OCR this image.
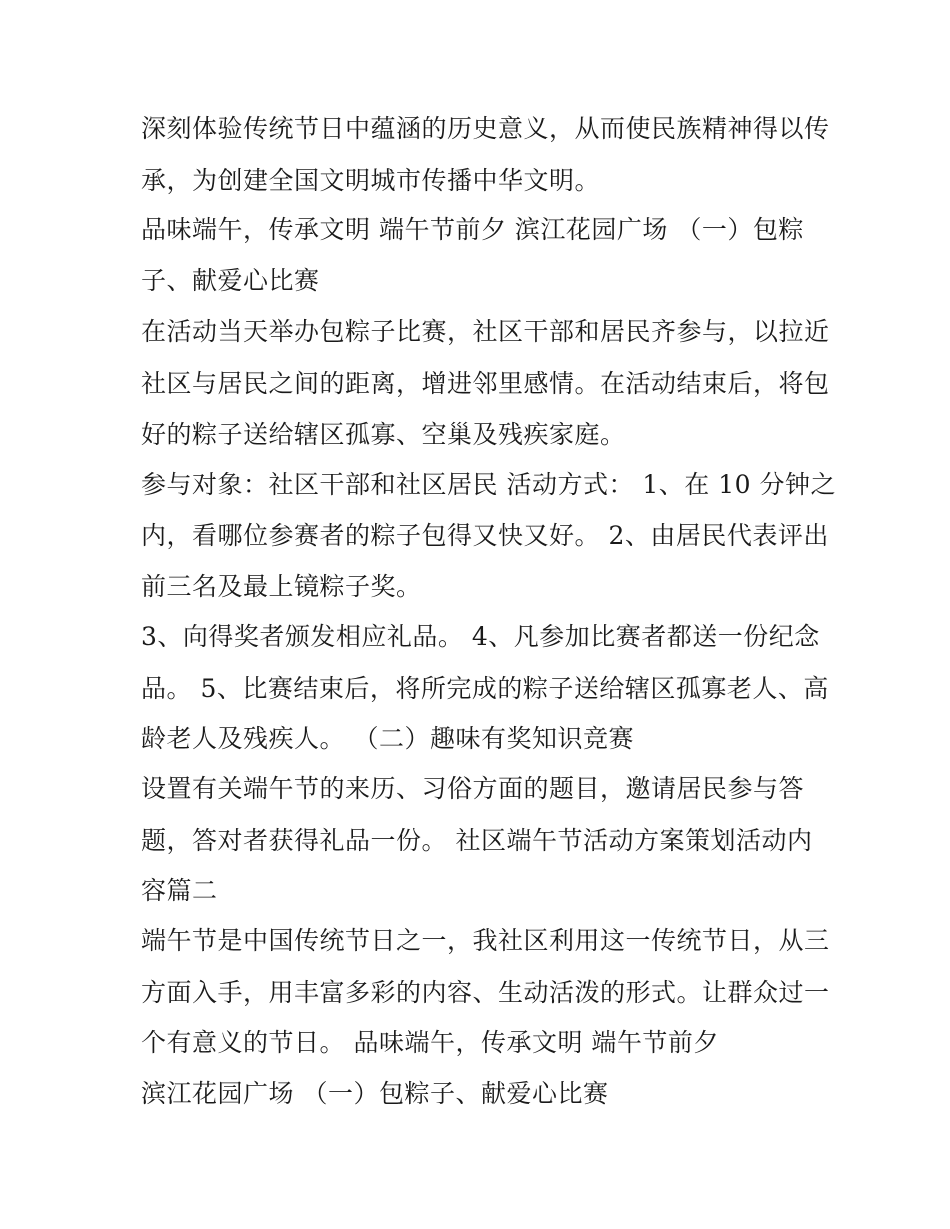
深刻体验传统节日中蕴涵的历史意义，从而使民族精神得以传

承，为创建全国文明城市传播中华文明。

品味端午，传承文明 端午节前夕 滨江花园广场 （一）包粽

子、献爱心比赛

在活动当天举办包粽子比赛，社区干部和居民齐参与，以拉近

社区与居民之间的距离，增进邻里感情。在活动结束后，将包

好的粽子送给辖区孤寡、空巢及残疾家庭。

参与对象：社区干部和社区居民 活动方式： 1、在 10 分钟之

内，看哪位参赛者的粽子包得又快又好。 2、由居民代表评出

前三名及最上镜粽子奖。

3、向得奖者颁发相应礼品。 4、凡参加比赛者都送一份纪念

品。 5、比赛结束后，将所完成的粽子送给辖区孤寡老人、高

龄老人及残疾人。 （二）趣味有奖知识竞赛

设置有关端午节的来历、习俗方面的题目，邀请居民参与答

题，答对者获得礼品一份。 社区端午节活动方案策划活动内

容篇二

端午节是中国传统节日之一，我社区利用这一传统节日，从三

方面入手，用丰富多彩的内容、生动活泼的形式。让群众过一

个有意义的节日。 品味端午，传承文明 端午节前夕

滨江花园广场 （一）包粽子、献爱心比赛
